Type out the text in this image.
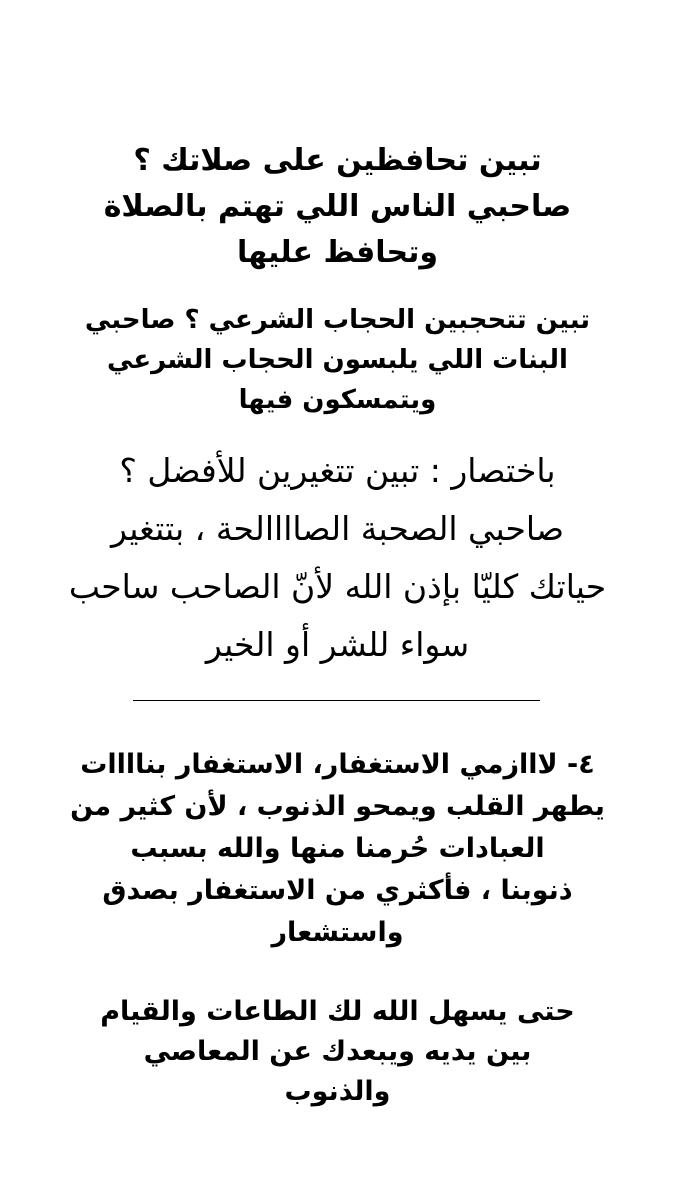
تبين تحافظين على صلاتك ؟
صاحبي الناس اللي تهتم بالصلاة
وتحافظ عليها

تبين تتحجبين الحجاب الشرعي ؟ صاحبي
البنات اللي يلبسون الحجاب الشرعي
ويتمسكون فيها

باختصار : تبين تتغيرين للأفضل ؟
صاحبي الصحبة الصاااالحة ، بتتغير
حياتك كليّا بإذن الله لأنّ الصاحب ساحب
سواء للشر أو الخير

٤- لااازمي الاستغفار، الاستغفار بناااات
يطهر القلب ويمحو الذنوب ، لأن كثير من
العبادات حُرمنا منها والله بسبب
ذنوبنا ، فأكثري من الاستغفار بصدق
واستشعار

حتى يسهل الله لك الطاعات والقيام
بين يديه ويبعدك عن المعاصي
والذنوب
